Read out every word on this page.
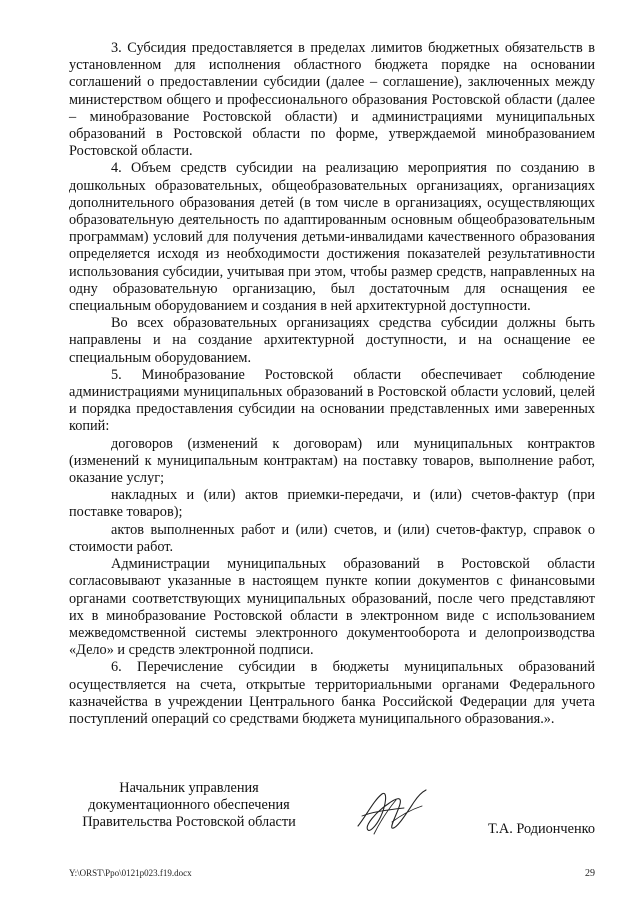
3. Субсидия предоставляется в пределах лимитов бюджетных обязательств в установленном для исполнения областного бюджета порядке на основании соглашений о предоставлении субсидии (далее – соглашение), заключенных между министерством общего и профессионального образования Ростовской области (далее – минобразование Ростовской области) и администрациями муниципальных образований в Ростовской области по форме, утверждаемой минобразованием Ростовской области.

4. Объем средств субсидии на реализацию мероприятия по созданию в дошкольных образовательных, общеобразовательных организациях, организациях дополнительного образования детей (в том числе в организациях, осуществляющих образовательную деятельность по адаптированным основным общеобразовательным программам) условий для получения детьми-инвалидами качественного образования определяется исходя из необходимости достижения показателей результативности использования субсидии, учитывая при этом, чтобы размер средств, направленных на одну образовательную организацию, был достаточным для оснащения ее специальным оборудованием и создания в ней архитектурной доступности.

Во всех образовательных организациях средства субсидии должны быть направлены и на создание архитектурной доступности, и на оснащение ее специальным оборудованием.

5. Минобразование Ростовской области обеспечивает соблюдение администрациями муниципальных образований в Ростовской области условий, целей и порядка предоставления субсидии на основании представленных ими заверенных копий:

договоров (изменений к договорам) или муниципальных контрактов (изменений к муниципальным контрактам) на поставку товаров, выполнение работ, оказание услуг;

накладных и (или) актов приемки-передачи, и (или) счетов-фактур (при поставке товаров);

актов выполненных работ и (или) счетов, и (или) счетов-фактур, справок о стоимости работ.

Администрации муниципальных образований в Ростовской области согласовывают указанные в настоящем пункте копии документов с финансовыми органами соответствующих муниципальных образований, после чего представляют их в минобразование Ростовской области в электронном виде с использованием межведомственной системы электронного документооборота и делопроизводства «Дело» и средств электронной подписи.

6. Перечисление субсидии в бюджеты муниципальных образований осуществляется на счета, открытые территориальными органами Федерального казначейства в учреждении Центрального банка Российской Федерации для учета поступлений операций со средствами бюджета муниципального образования.».

Начальник управления
документационного обеспечения
Правительства Ростовской области	Т.А. Родионченко
Y:\ORST\Ppo\0121p023.f19.docx	29
